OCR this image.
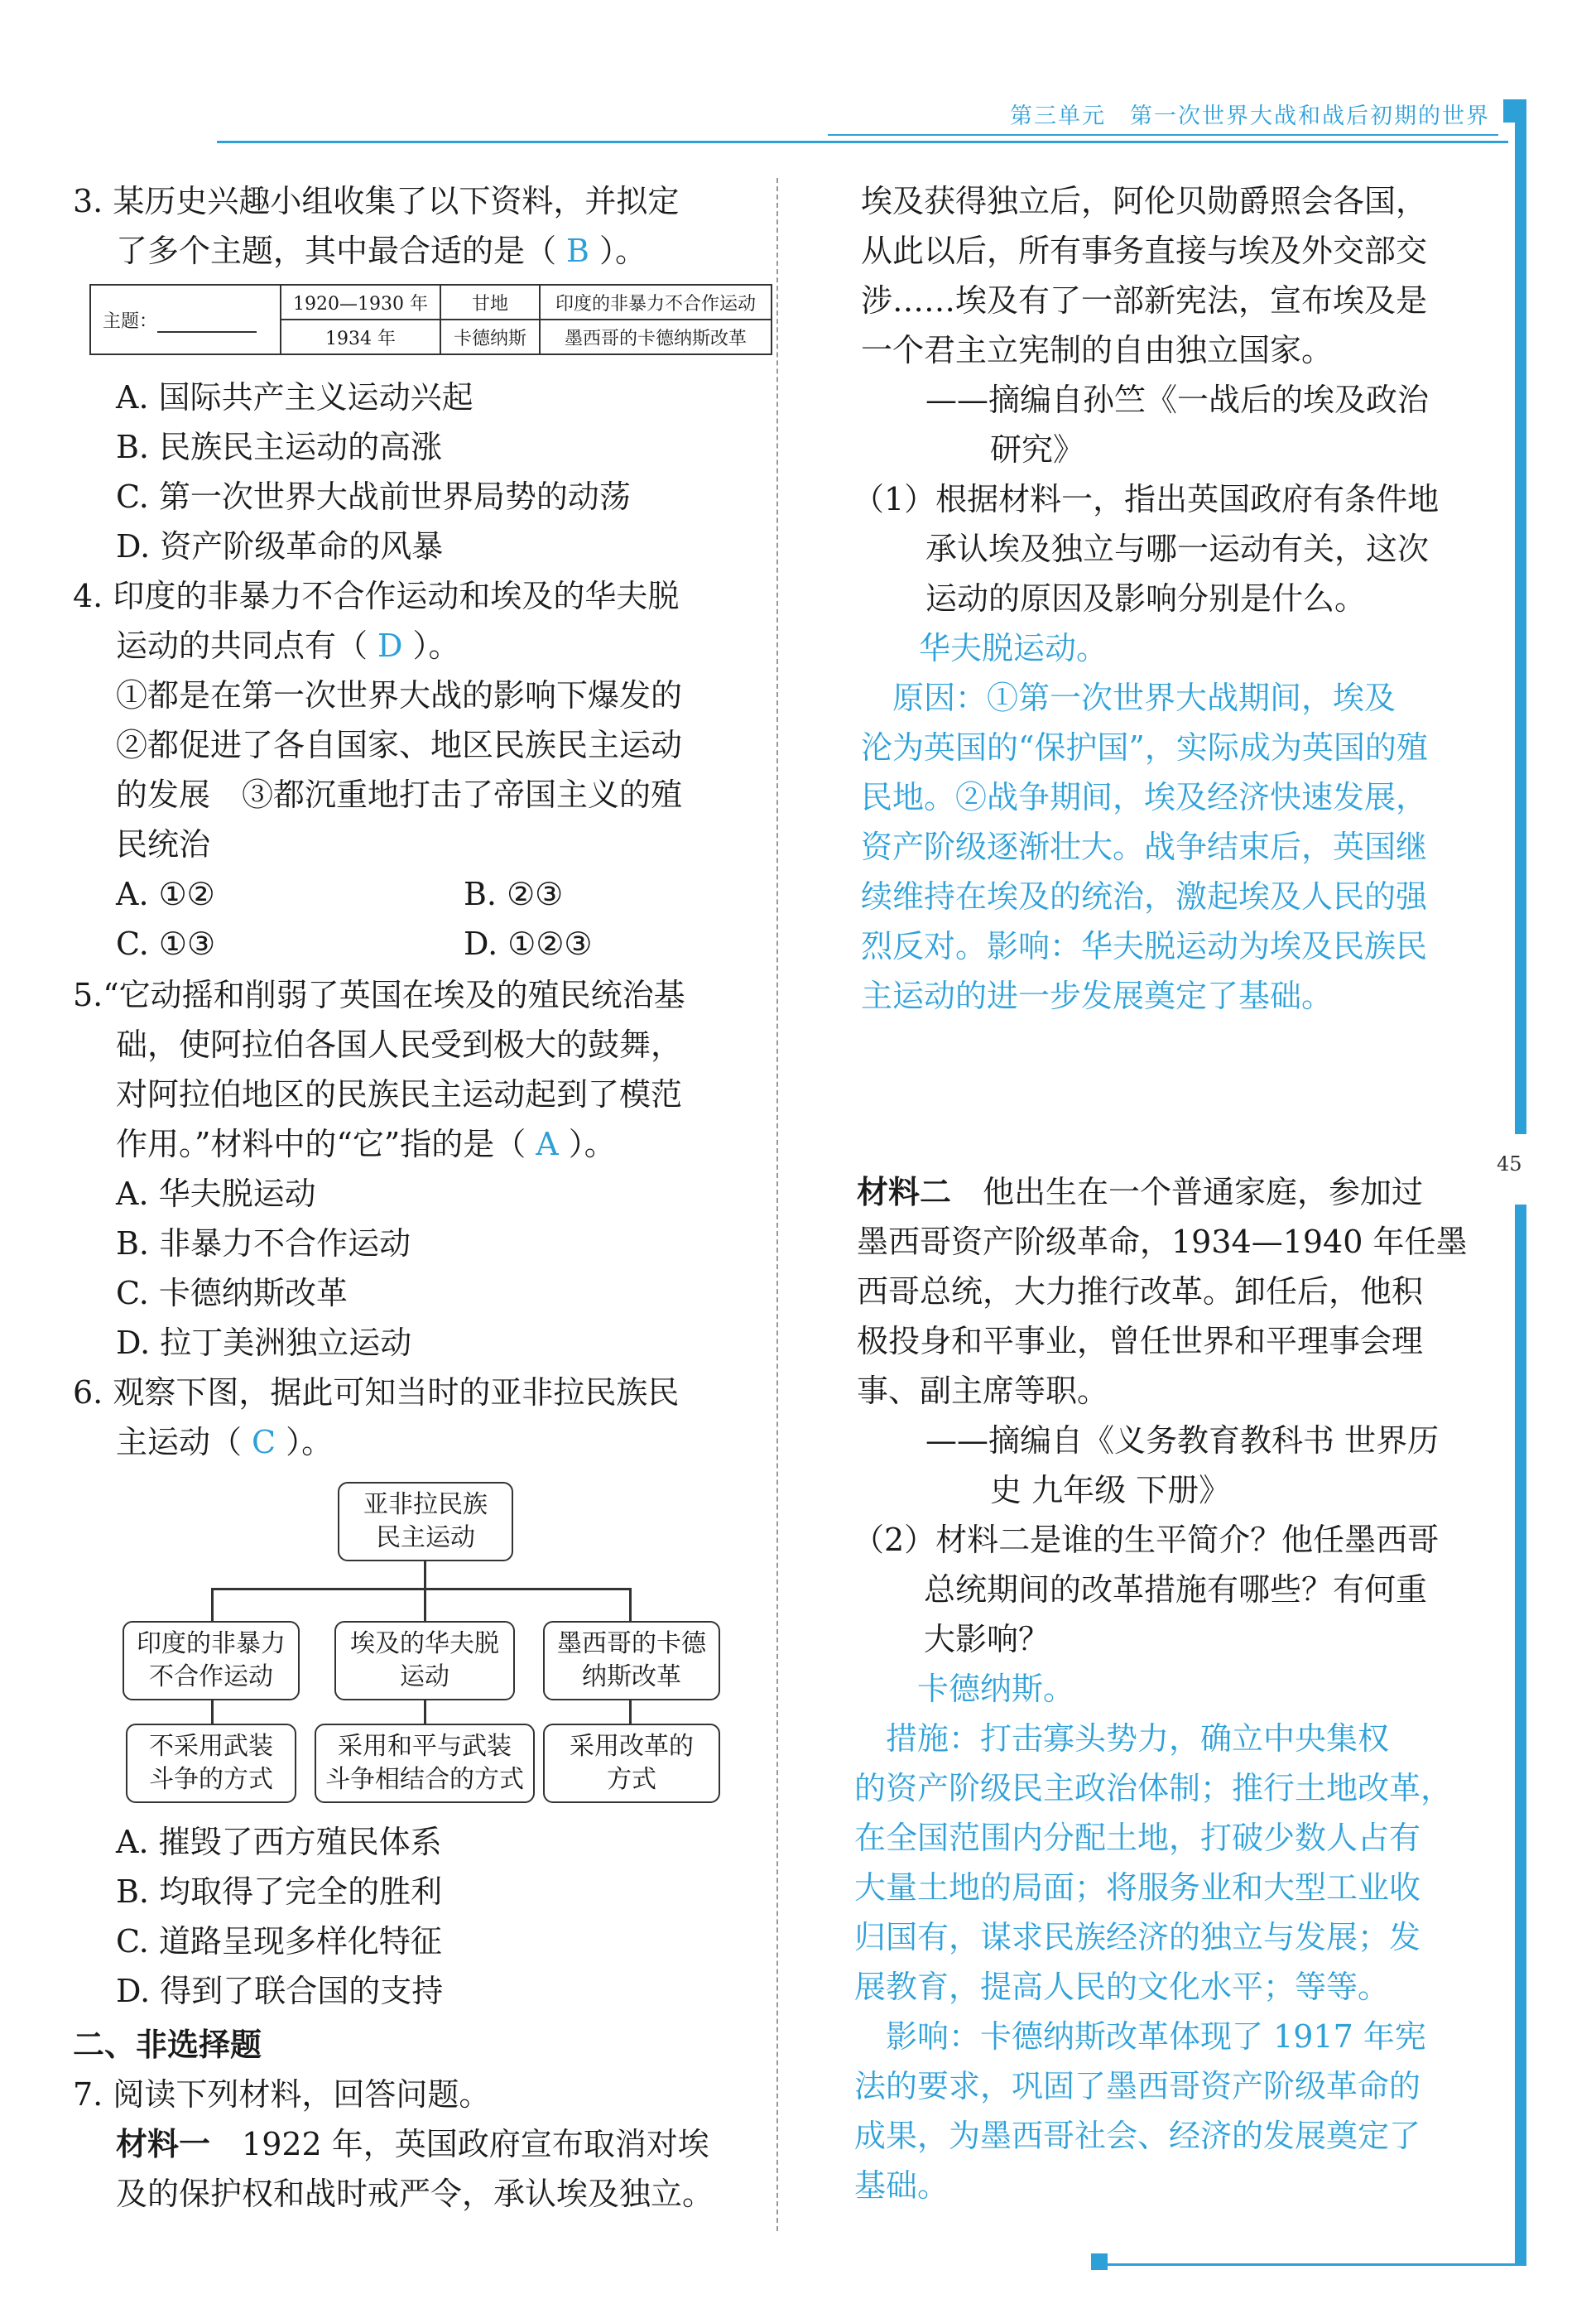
第三单元　 第一次世界大战和战后初期的世界
45
3. 某历史兴趣小组收集了以下资料，并拟定
了多个主题，其中最合适的是（ B ）。
主题：	1920—1930 年	甘地	印度的非暴力不合作运动
	1934 年	卡德纳斯	墨西哥的卡德纳斯改革
A. 国际共产主义运动兴起
B. 民族民主运动的高涨
C. 第一次世界大战前世界局势的动荡
D. 资产阶级革命的风暴
4. 印度的非暴力不合作运动和埃及的华夫脱
运动的共同点有（ D ）。
①都是在第一次世界大战的影响下爆发的
②都促进了各自国家、地区民族民主运动
的发展　③都沉重地打击了帝国主义的殖
民统治
A. ①②	B. ②③
C. ①③	D. ①②③
5.“它动摇和削弱了英国在埃及的殖民统治基
础，使阿拉伯各国人民受到极大的鼓舞，
对阿拉伯地区的民族民主运动起到了模范
作用。”材料中的“它”指的是（ A ）。
A. 华夫脱运动
B. 非暴力不合作运动
C. 卡德纳斯改革
D. 拉丁美洲独立运动
6. 观察下图，据此可知当时的亚非拉民族民
主运动（ C ）。
亚非拉民族
民主运动
印度的非暴力
不合作运动
埃及的华夫脱
运动
墨西哥的卡德
纳斯改革
不采用武装
斗争的方式
采用和平与武装
斗争相结合的方式
采用改革的
方式
A. 摧毁了西方殖民体系
B. 均取得了完全的胜利
C. 道路呈现多样化特征
D. 得到了联合国的支持
二、非选择题
7. 阅读下列材料，回答问题。
材料一　1922 年，英国政府宣布取消对埃
及的保护权和战时戒严令，承认埃及独立。
埃及获得独立后，阿伦贝勋爵照会各国，
从此以后，所有事务直接与埃及外交部交
涉……埃及有了一部新宪法，宣布埃及是
一个君主立宪制的自由独立国家。
——摘编自孙竺《一战后的埃及政治
研究》
（1）根据材料一，指出英国政府有条件地
承认埃及独立与哪一运动有关，这次
运动的原因及影响分别是什么。
华夫脱运动。
　原因：①第一次世界大战期间，埃及
沦为英国的“保护国”，实际成为英国的殖
民地。②战争期间，埃及经济快速发展，
资产阶级逐渐壮大。战争结束后，英国继
续维持在埃及的统治，激起埃及人民的强
烈反对。影响：华夫脱运动为埃及民族民
主运动的进一步发展奠定了基础。
材料二　他出生在一个普通家庭，参加过
墨西哥资产阶级革命，1934—1940 年任墨
西哥总统，大力推行改革。卸任后，他积
极投身和平事业，曾任世界和平理事会理
事、副主席等职。
——摘编自《义务教育教科书 世界历
史 九年级 下册》
（2）材料二是谁的生平简介？他任墨西哥
总统期间的改革措施有哪些？有何重
大影响？
卡德纳斯。
　措施：打击寡头势力，确立中央集权
的资产阶级民主政治体制；推行土地改革，
在全国范围内分配土地，打破少数人占有
大量土地的局面；将服务业和大型工业收
归国有，谋求民族经济的独立与发展；发
展教育，提高人民的文化水平；等等。
　影响：卡德纳斯改革体现了 1917 年宪
法的要求，巩固了墨西哥资产阶级革命的
成果，为墨西哥社会、经济的发展奠定了
基础。
